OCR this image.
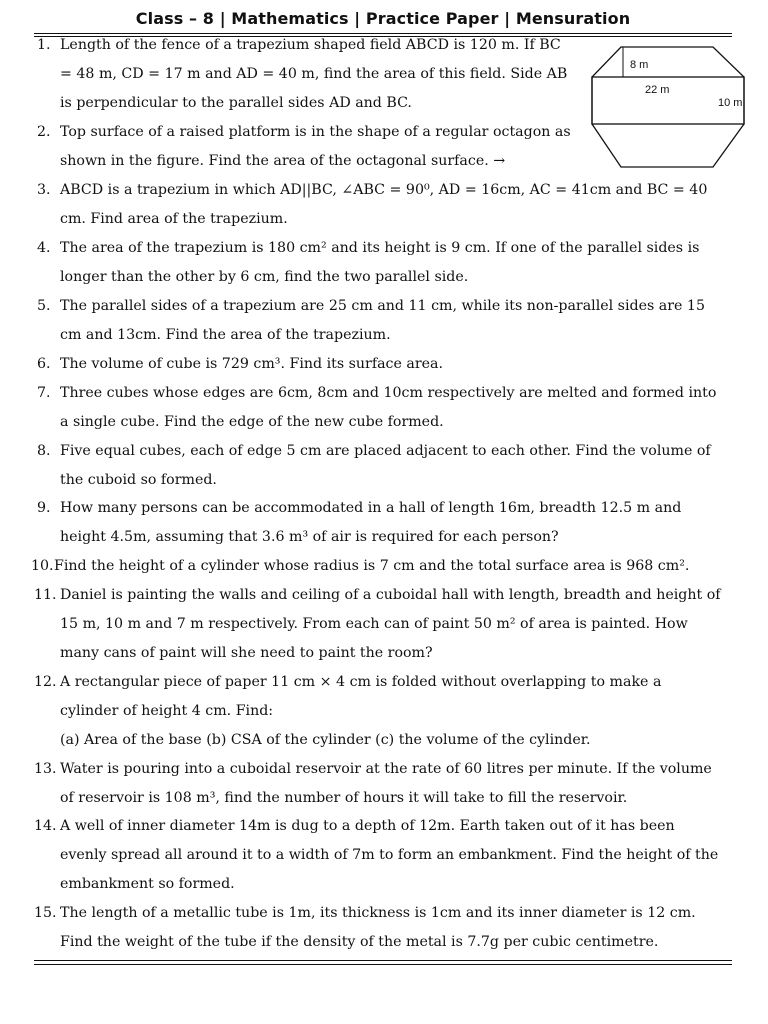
Class – 8 | Mathematics | Practice Paper | Mensuration
1. Length of the fence of a trapezium shaped field ABCD is 120 m. If BC
= 48 m, CD = 17 m and AD = 40 m, find the area of this field. Side AB
is perpendicular to the parallel sides AD and BC.
2. Top surface of a raised platform is in the shape of a regular octagon as
shown in the figure. Find the area of the octagonal surface. →
8 m
22 m
10 m
3. ABCD is a trapezium in which AD||BC, ∠ABC = 90⁰, AD = 16cm, AC = 41cm and BC = 40
cm. Find area of the trapezium.
4. The area of the trapezium is 180 cm² and its height is 9 cm. If one of the parallel sides is
longer than the other by 6 cm, find the two parallel side.
5. The parallel sides of a trapezium are 25 cm and 11 cm, while its non-parallel sides are 15
cm and 13cm. Find the area of the trapezium.
6. The volume of cube is 729 cm³. Find its surface area.
7. Three cubes whose edges are 6cm, 8cm and 10cm respectively are melted and formed into
a single cube. Find the edge of the new cube formed.
8. Five equal cubes, each of edge 5 cm are placed adjacent to each other. Find the volume of
the cuboid so formed.
9. How many persons can be accommodated in a hall of length 16m, breadth 12.5 m and
height 4.5m, assuming that 3.6 m³ of air is required for each person?
10. Find the height of a cylinder whose radius is 7 cm and the total surface area is 968 cm².
11. Daniel is painting the walls and ceiling of a cuboidal hall with length, breadth and height of
15 m, 10 m and 7 m respectively. From each can of paint 50 m² of area is painted. How
many cans of paint will she need to paint the room?
12. A rectangular piece of paper 11 cm × 4 cm is folded without overlapping to make a
cylinder of height 4 cm. Find:
(a) Area of the base (b) CSA of the cylinder (c) the volume of the cylinder.
13. Water is pouring into a cuboidal reservoir at the rate of 60 litres per minute. If the volume
of reservoir is 108 m³, find the number of hours it will take to fill the reservoir.
14. A well of inner diameter 14m is dug to a depth of 12m. Earth taken out of it has been
evenly spread all around it to a width of 7m to form an embankment. Find the height of the
embankment so formed.
15. The length of a metallic tube is 1m, its thickness is 1cm and its inner diameter is 12 cm.
Find the weight of the tube if the density of the metal is 7.7g per cubic centimetre.
